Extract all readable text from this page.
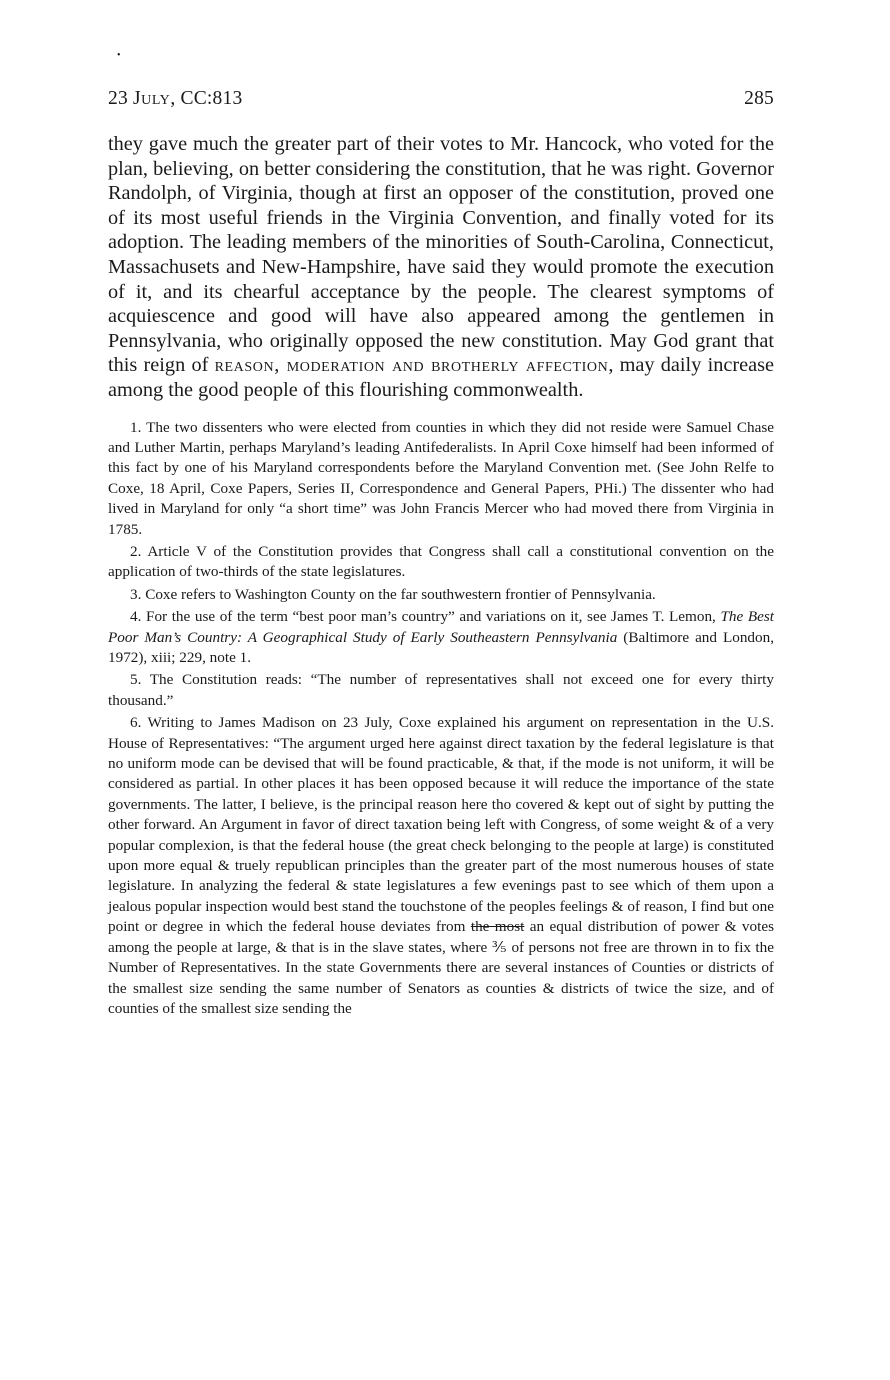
•
23 July, CC:813	285

they gave much the greater part of their votes to Mr. Hancock, who voted for the plan, believing, on better considering the constitution, that he was right. Governor Randolph, of Virginia, though at first an opposer of the constitution, proved one of its most useful friends in the Virginia Convention, and finally voted for its adoption. The leading members of the minorities of South-Carolina, Connecticut, Massachusets and New-Hampshire, have said they would promote the execution of it, and its chearful acceptance by the people. The clearest symptoms of acquiescence and good will have also appeared among the gentlemen in Pennsylvania, who originally opposed the new constitution. May God grant that this reign of reason, moderation and brotherly affection, may daily increase among the good people of this flourishing commonwealth.

1. The two dissenters who were elected from counties in which they did not reside were Samuel Chase and Luther Martin, perhaps Maryland’s leading Antifederalists. In April Coxe himself had been informed of this fact by one of his Maryland correspondents before the Maryland Convention met. (See John Relfe to Coxe, 18 April, Coxe Papers, Series II, Correspondence and General Papers, PHi.) The dissenter who had lived in Maryland for only “a short time” was John Francis Mercer who had moved there from Virginia in 1785.

2. Article V of the Constitution provides that Congress shall call a constitutional convention on the application of two-thirds of the state legislatures.

3. Coxe refers to Washington County on the far southwestern frontier of Pennsylvania.

4. For the use of the term “best poor man’s country” and variations on it, see James T. Lemon, The Best Poor Man’s Country: A Geographical Study of Early Southeastern Pennsylvania (Baltimore and London, 1972), xiii; 229, note 1.

5. The Constitution reads: “The number of representatives shall not exceed one for every thirty thousand.”

6. Writing to James Madison on 23 July, Coxe explained his argument on representation in the U.S. House of Representatives: “The argument urged here against direct taxation by the federal legislature is that no uniform mode can be devised that will be found practicable, & that, if the mode is not uniform, it will be considered as partial. In other places it has been opposed because it will reduce the importance of the state governments. The latter, I believe, is the principal reason here tho covered & kept out of sight by putting the other forward. An Argument in favor of direct taxation being left with Congress, of some weight & of a very popular complexion, is that the federal house (the great check belonging to the people at large) is constituted upon more equal & truely republican principles than the greater part of the most numerous houses of state legislature. In analyzing the federal & state legislatures a few evenings past to see which of them upon a jealous popular inspection would best stand the touchstone of the peoples feelings & of reason, I find but one point or degree in which the federal house deviates from the most an equal distribution of power & votes among the people at large, & that is in the slave states, where ⅗ of persons not free are thrown in to fix the Number of Representatives. In the state Governments there are several instances of Counties or districts of the smallest size sending the same number of Senators as counties & districts of twice the size, and of counties of the smallest size sending the
